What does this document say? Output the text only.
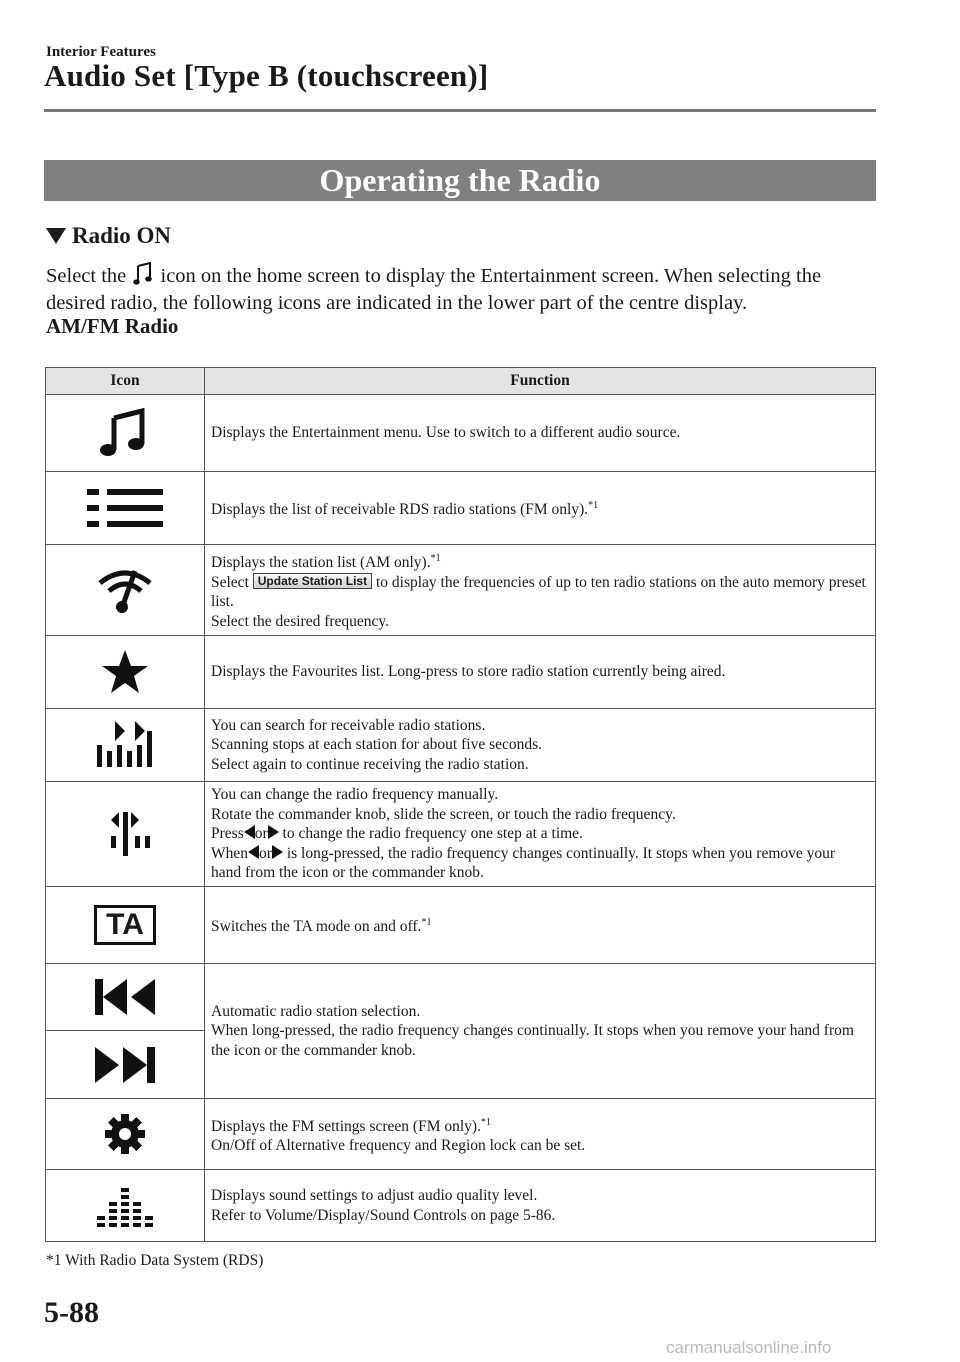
Interior Features
Audio Set [Type B (touchscreen)]
Operating the Radio
Radio ON
Select the icon on the home screen to display the Entertainment screen. When selecting the desired radio, the following icons are indicated in the lower part of the centre display.
AM/FM Radio
Icon	Function

Displays the Entertainment menu. Use to switch to a different audio source.

Displays the list of receivable RDS radio stations (FM only).$^{*1}$

Displays the station list (AM only).$^{*1}$
Select Update Station List to display the frequencies of up to ten radio stations on the auto memory preset list.
Select the desired frequency.

Displays the Favourites list. Long-press to store radio station currently being aired.

You can search for receivable radio stations.
Scanning stops at each station for about five seconds.
Select again to continue receiving the radio station.

You can change the radio frequency manually.
Rotate the commander knob, slide the screen, or touch the radio frequency.
Press or to change the radio frequency one step at a time.
When or is long-pressed, the radio frequency changes continually. It stops when you remove your hand from the icon or the commander knob.

TA	Switches the TA mode on and off.$^{*1}$

Automatic radio station selection.
When long-pressed, the radio frequency changes continually. It stops when you remove your hand from the icon or the commander knob.

Displays the FM settings screen (FM only).$^{*1}$
On/Off of Alternative frequency and Region lock can be set.

Displays sound settings to adjust audio quality level.
Refer to Volume/Display/Sound Controls on page 5-86.
*1 With Radio Data System (RDS)
5-88
carmanualsonline.info
